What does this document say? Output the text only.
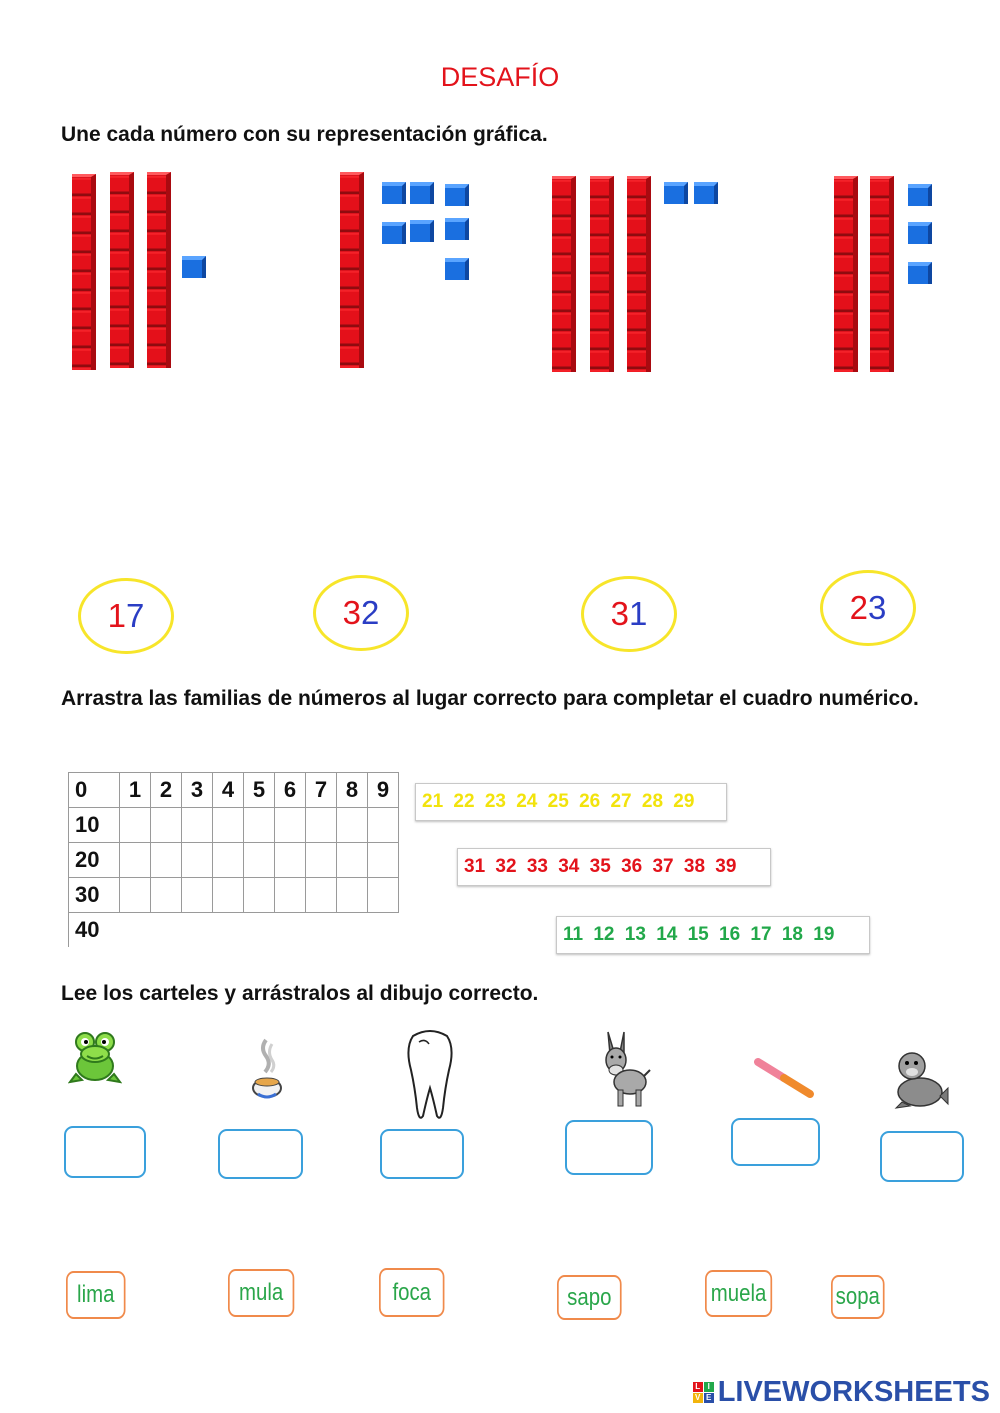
DESAFÍO
Une cada número con su representación gráfica.
1 7	3 2	3 1	2 3
Arrastra las familias de números al lugar correcto para completar el cuadro numérico.
0	1	2	3	4	5	6	7	8	9
10									
20									
30									
40									
21 22 23 24 25 26 27 28 29
31 32 33 34 35 36 37 38 39
11 12 13 14 15 16 17 18 19
Lee los carteles y arrástralos al dibujo correcto.
lima	mula	foca	sapo	muela	sopa
L I
V E LIVEWORKSHEETS
